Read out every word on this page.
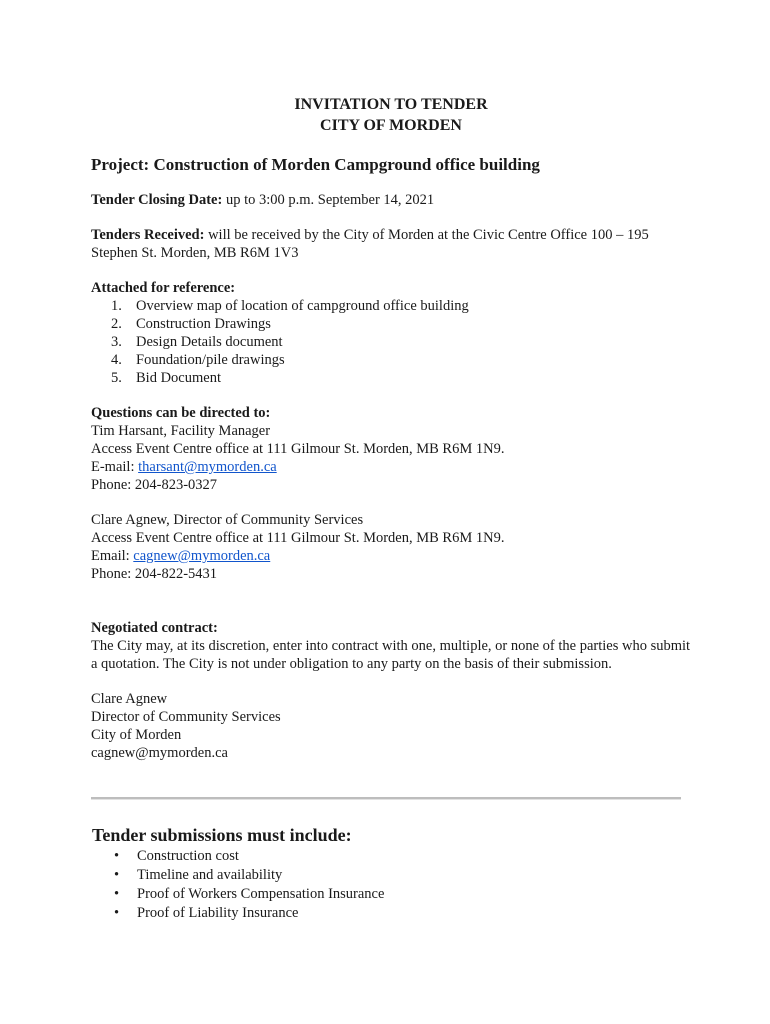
INVITATION TO TENDER
CITY OF MORDEN
Project: Construction of Morden Campground office building

Tender Closing Date: up to 3:00 p.m. September 14, 2021

Tenders Received: will be received by the City of Morden at the Civic Centre Office 100 – 195 Stephen St. Morden, MB R6M 1V3

Attached for reference:

1. Overview map of location of campground office building
2. Construction Drawings
3. Design Details document
4. Foundation/pile drawings
5. Bid Document

Questions can be directed to:

Tim Harsant, Facility Manager

Access Event Centre office at 111 Gilmour St. Morden, MB R6M 1N9.

E-mail: tharsant@mymorden.ca

Phone: 204-823-0327

Clare Agnew, Director of Community Services

Access Event Centre office at 111 Gilmour St. Morden, MB R6M 1N9.

Email: cagnew@mymorden.ca

Phone: 204-822-5431

Negotiated contract:

The City may, at its discretion, enter into contract with one, multiple, or none of the parties who submit a quotation. The City is not under obligation to any party on the basis of their submission.

Clare Agnew

Director of Community Services

City of Morden

cagnew@mymorden.ca

Tender submissions must include:
• Construction cost
• Timeline and availability
• Proof of Workers Compensation Insurance
• Proof of Liability Insurance
